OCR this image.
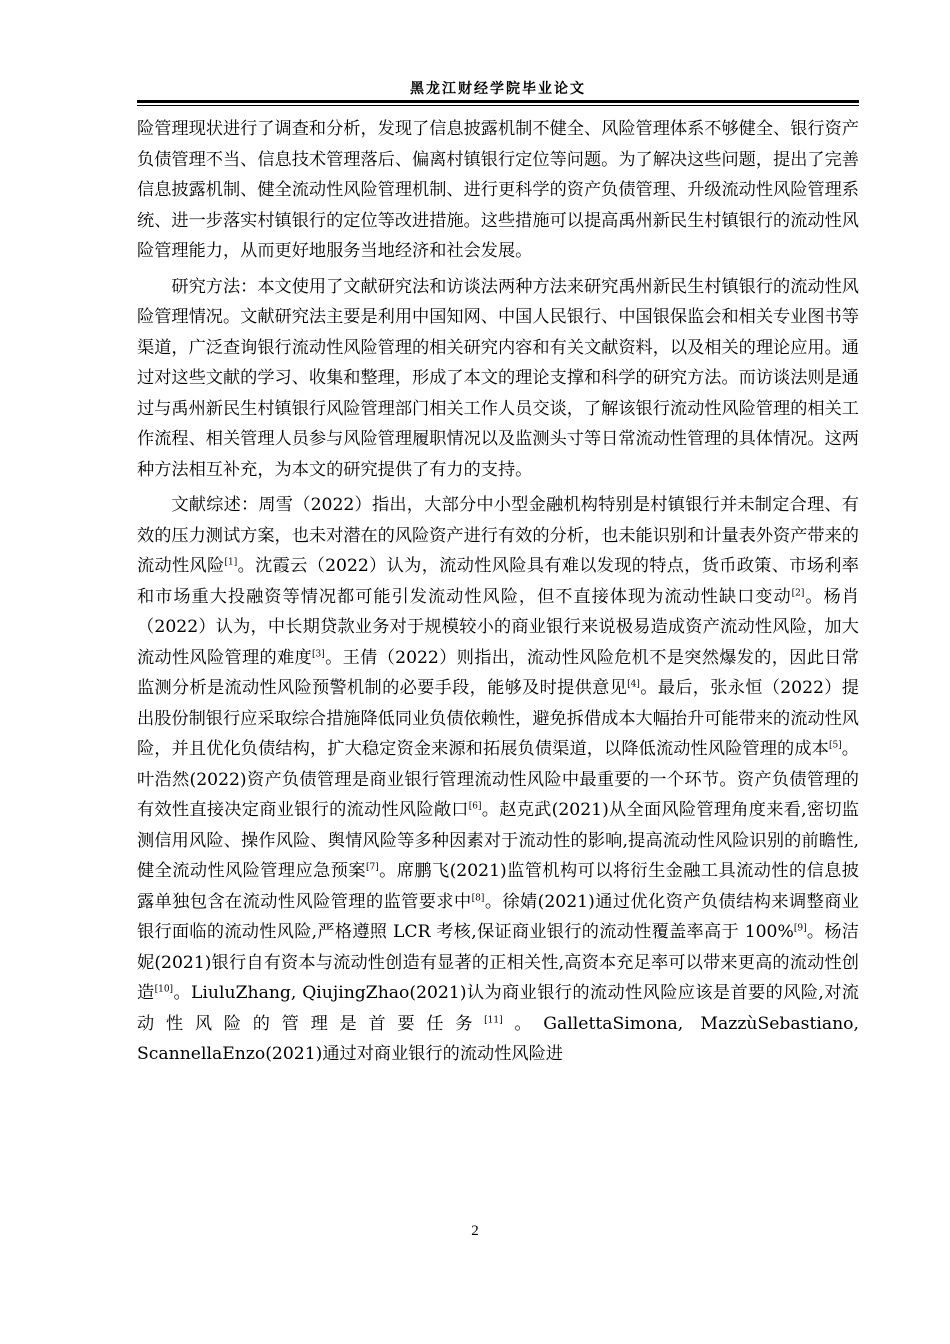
黑龙江财经学院毕业论文

险管理现状进行了调查和分析，发现了信息披露机制不健全、风险管理体系不够健全、银行资产负债管理不当、信息技术管理落后、偏离村镇银行定位等问题。为了解决这些问题，提出了完善信息披露机制、健全流动性风险管理机制、进行更科学的资产负债管理、升级流动性风险管理系统、进一步落实村镇银行的定位等改进措施。这些措施可以提高禹州新民生村镇银行的流动性风险管理能力，从而更好地服务当地经济和社会发展。

研究方法：本文使用了文献研究法和访谈法两种方法来研究禹州新民生村镇银行的流动性风险管理情况。文献研究法主要是利用中国知网、中国人民银行、中国银保监会和相关专业图书等渠道，广泛查询银行流动性风险管理的相关研究内容和有关文献资料，以及相关的理论应用。通过对这些文献的学习、收集和整理，形成了本文的理论支撑和科学的研究方法。而访谈法则是通过与禹州新民生村镇银行风险管理部门相关工作人员交谈，了解该银行流动性风险管理的相关工作流程、相关管理人员参与风险管理履职情况以及监测头寸等日常流动性管理的具体情况。这两种方法相互补充，为本文的研究提供了有力的支持。

文献综述：周雪（2022）指出，大部分中小型金融机构特别是村镇银行并未制定合理、有效的压力测试方案，也未对潜在的风险资产进行有效的分析，也未能识别和计量表外资产带来的流动性风险[1]。沈霞云（2022）认为，流动性风险具有难以发现的特点，货币政策、市场利率和市场重大投融资等情况都可能引发流动性风险，但不直接体现为流动性缺口变动[2]。杨肖（2022）认为，中长期贷款业务对于规模较小的商业银行来说极易造成资产流动性风险，加大流动性风险管理的难度[3]。王倩（2022）则指出，流动性风险危机不是突然爆发的，因此日常监测分析是流动性风险预警机制的必要手段，能够及时提供意见[4]。最后，张永恒（2022）提出股份制银行应采取综合措施降低同业负债依赖性，避免拆借成本大幅抬升可能带来的流动性风险，并且优化负债结构，扩大稳定资金来源和拓展负债渠道，以降低流动性风险管理的成本[5]。叶浩然(2022)资产负债管理是商业银行管理流动性风险中最重要的一个环节。资产负债管理的有效性直接决定商业银行的流动性风险敞口[6]。赵克武(2021)从全面风险管理角度来看,密切监测信用风险、操作风险、舆情风险等多种因素对于流动性的影响,提高流动性风险识别的前瞻性,健全流动性风险管理应急预案[7]。席鹏飞(2021)监管机构可以将衍生金融工具流动性的信息披露单独包含在流动性风险管理的监管要求中[8]。徐婧(2021)通过优化资产负债结构来调整商业银行面临的流动性风险,严格遵照 LCR 考核,保证商业银行的流动性覆盖率高于 100%[9]。杨洁妮(2021)银行自有资本与流动性创造有显著的正相关性,高资本充足率可以带来更高的流动性创造[10]。LiuluZhang, QiujingZhao(2021)认为商业银行的流动性风险应该是首要的风险,对流动性风险的管理是首要任务[11]。GallettaSimona, MazzùSebastiano, ScannellaEnzo(2021)通过对商业银行的流动性风险进

2
